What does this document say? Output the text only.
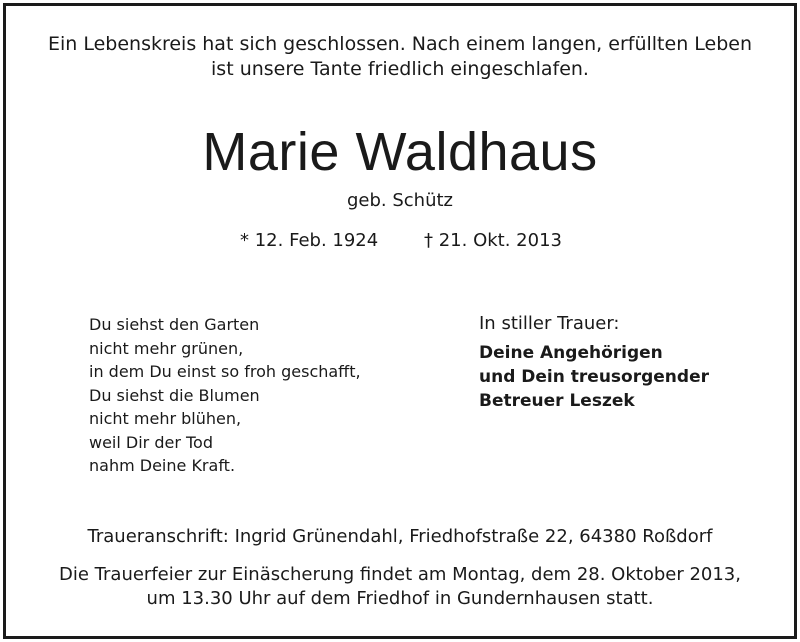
Ein Lebenskreis hat sich geschlossen. Nach einem langen, erfüllten Leben
ist unsere Tante friedlich eingeschlafen.
Marie Waldhaus
geb. Schütz
* 12. Feb. 1924	† 21. Okt. 2013
Du siehst den Garten
nicht mehr grünen,
in dem Du einst so froh geschafft,
Du siehst die Blumen
nicht mehr blühen,
weil Dir der Tod
nahm Deine Kraft.
In stiller Trauer:
Deine Angehörigen
und Dein treusorgender
Betreuer Leszek
Traueranschrift: Ingrid Grünendahl, Friedhofstraße 22, 64380 Roßdorf
Die Trauerfeier zur Einäscherung findet am Montag, dem 28. Oktober 2013,
um 13.30 Uhr auf dem Friedhof in Gundernhausen statt.
